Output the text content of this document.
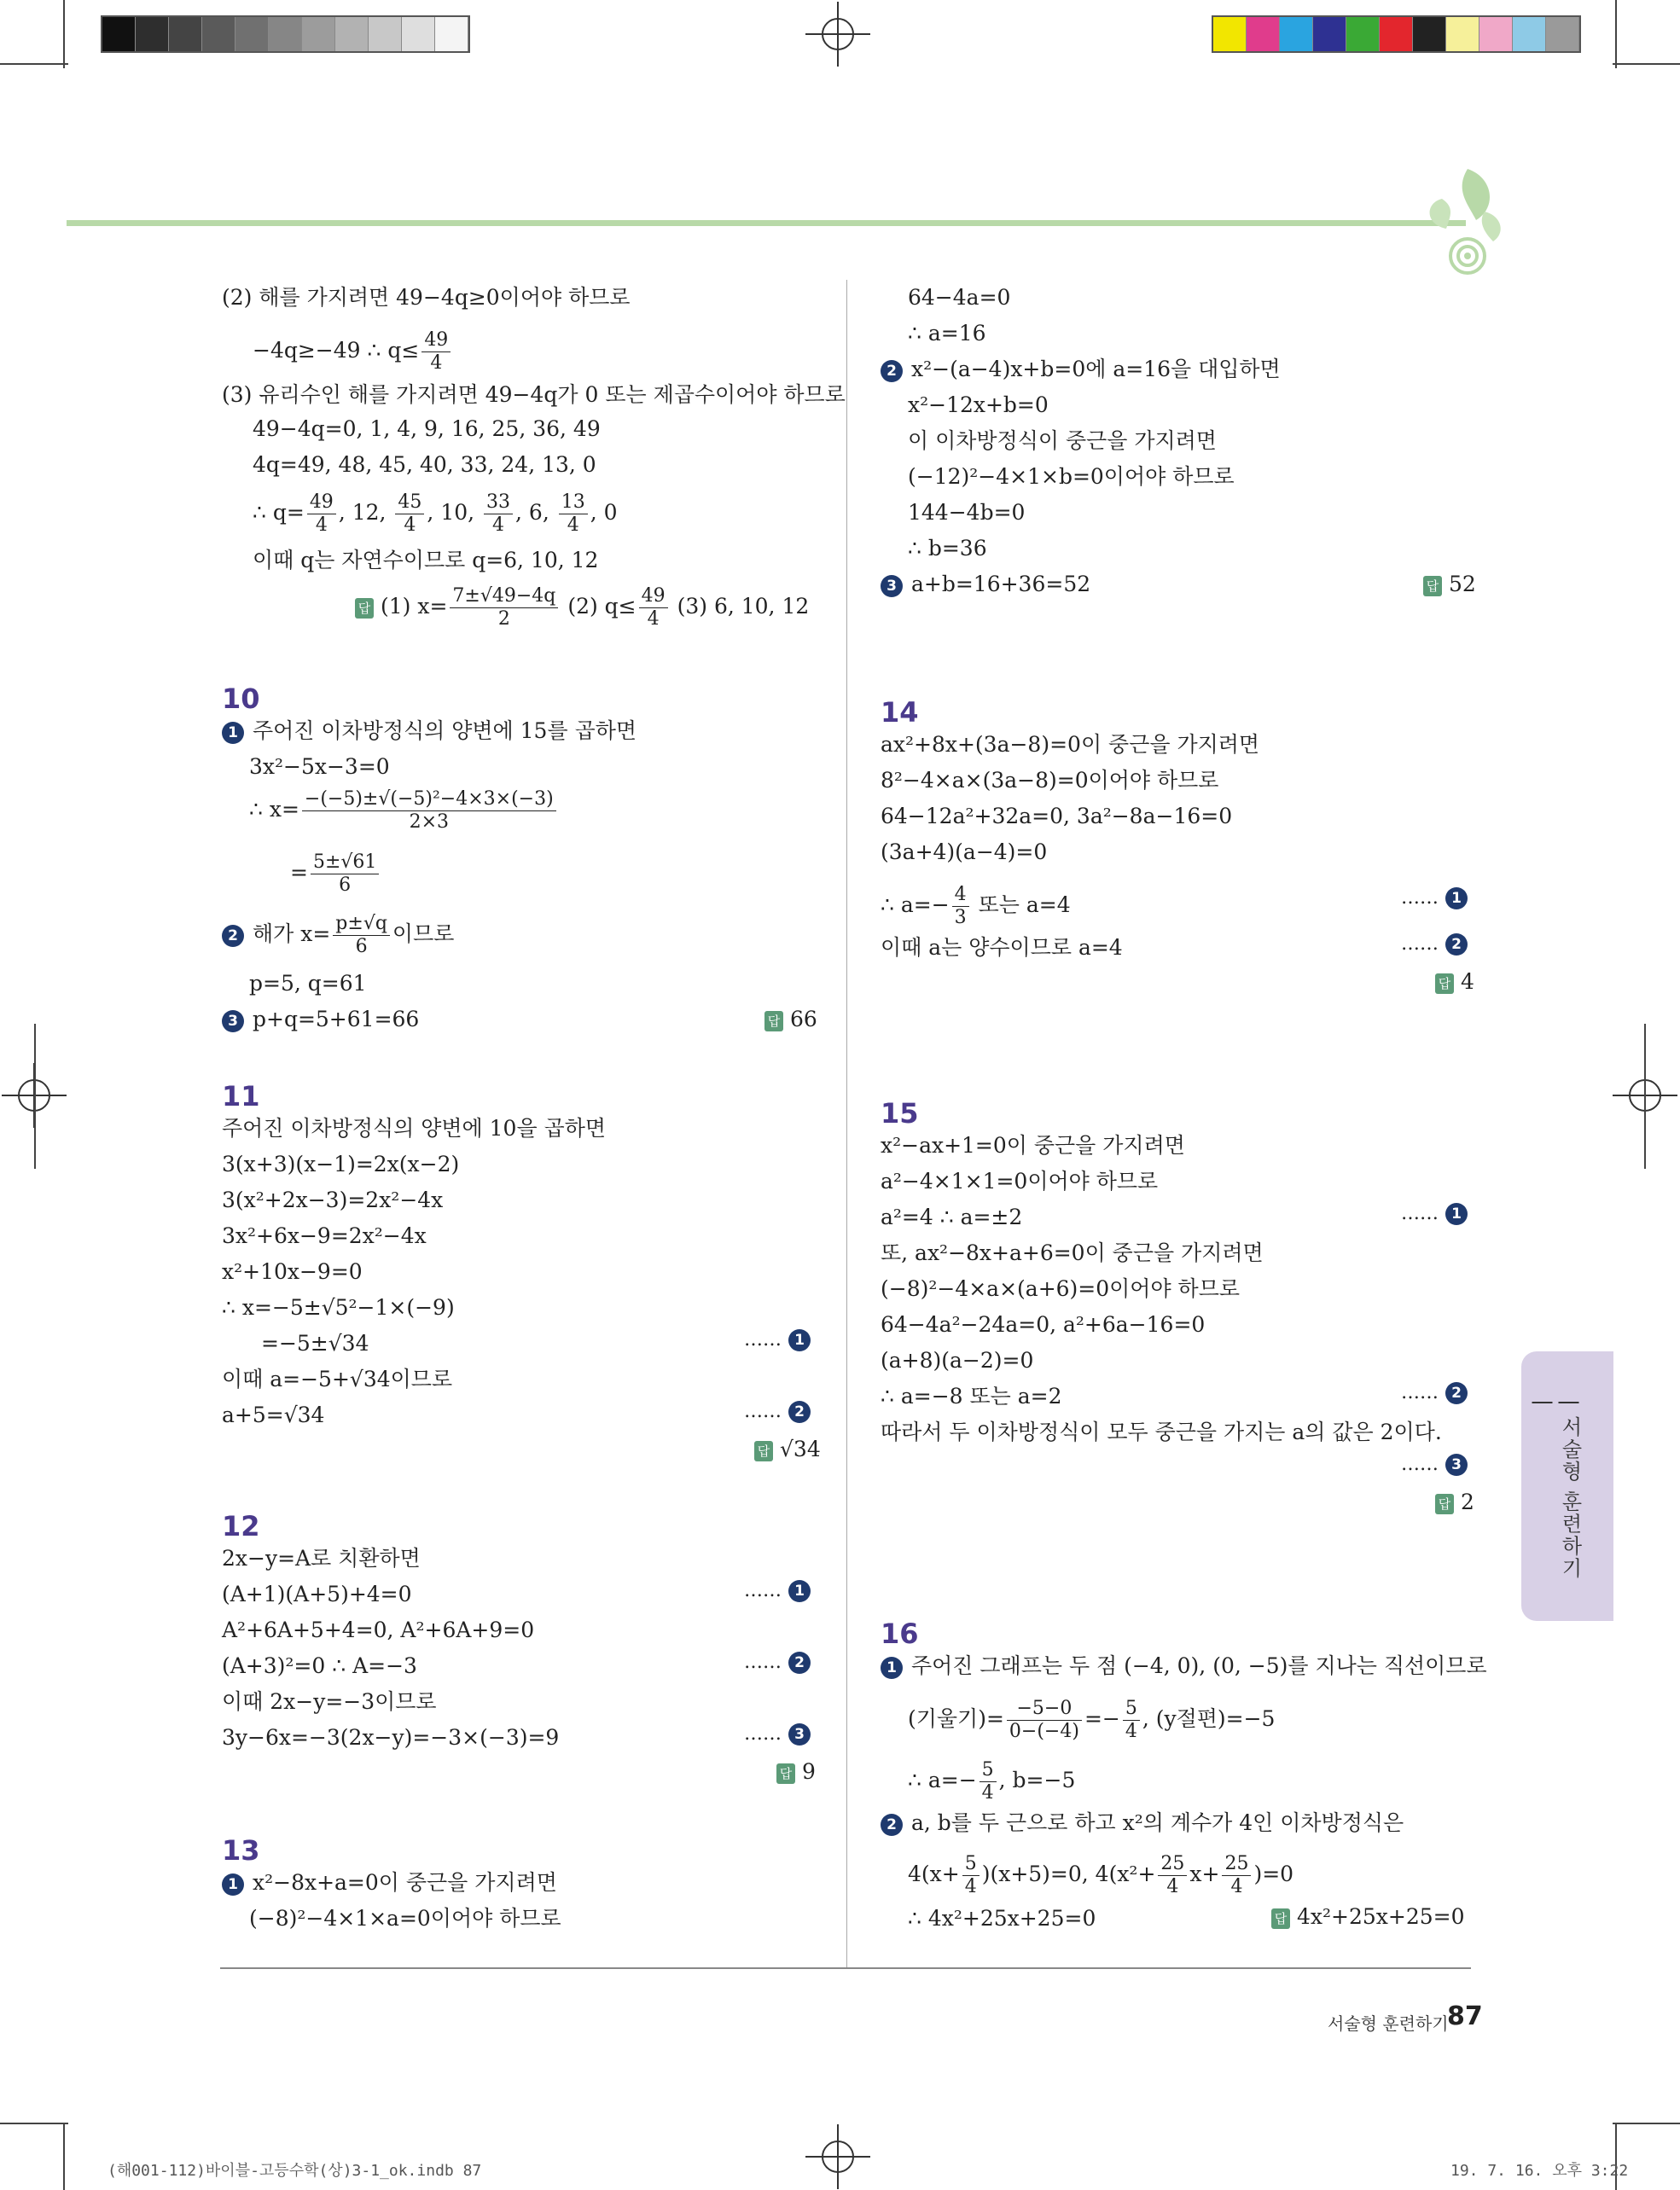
(2) 해를 가지려면 49−4q≥0이어야 하므로
−4q≥−49 ∴ $q\le \frac{49}{4}$
(3) 유리수인 해를 가지려면 49−4q가 0 또는 제곱수이어야 하므로
49−4q=0, 1, 4, 9, 16, 25, 36, 49
4q=49, 48, 45, 40, 33, 24, 13, 0
∴ $q= \frac{49}{4}$ , 12, $\frac{45}{4}$ , 10, $\frac{33}{4}$ , 6, $\frac{13}{4}$ , 0
이때 q는 자연수이므로 q=6, 10, 12
답 (1) $x= \frac{7\pm√49-4q}{2} (2)$ $q\le \frac{49}{4} (3)$ 6, 10, 12
10
1 주어진 이차방정식의 양변에 15를 곱하면
3x²−5x−3=0
∴ $x= \frac{\text{−(−5)±√(−5)²−4×3×(−3)}}{2\times 3}$
= $\frac{5\pm√61}{6}$
2 해가 $x= \frac{p\pm√q}{6}$ 이므로
p=5, q=61
3 p+q=5+61=66	답 66
11
주어진 이차방정식의 양변에 10을 곱하면
3(x+3)(x−1)=2x(x−2)
3(x²+2x−3)=2x²−4x
3x²+6x−9=2x²−4x
x²+10x−9=0
∴ x=−5±√5²−1×(−9)
=−5±√34	…… 1
이때 a=−5+√34이므로
a+5=√34	…… 2
답 √34
12
2x−y=A로 치환하면
(A+1)(A+5)+4=0	…… 1
A²+6A+5+4=0, A²+6A+9=0
(A+3)²=0 ∴ A=−3	…… 2
이때 2x−y=−3이므로
3y−6x=−3(2x−y)=−3×(−3)=9	…… 3
답 9
13
1 x²−8x+a=0이 중근을 가지려면
(−8)²−4×1×a=0이어야 하므로
64−4a=0
∴ a=16
2 x²−(a−4)x+b=0에 a=16을 대입하면
x²−12x+b=0
이 이차방정식이 중근을 가지려면
(−12)²−4×1×b=0이어야 하므로
144−4b=0
∴ b=36
3 a+b=16+36=52	답 52
14
ax²+8x+(3a−8)=0이 중근을 가지려면
8²−4×a×(3a−8)=0이어야 하므로
64−12a²+32a=0, 3a²−8a−16=0
(3a+4)(a−4)=0
∴ $a=- \frac{4}{3}$ 또는 a=4	…… 1
이때 a는 양수이므로 a=4	…… 2
답 4
15
x²−ax+1=0이 중근을 가지려면
a²−4×1×1=0이어야 하므로
a²=4 ∴ a=±2	…… 1
또, ax²−8x+a+6=0이 중근을 가지려면
(−8)²−4×a×(a+6)=0이어야 하므로
64−4a²−24a=0, a²+6a−16=0
(a+8)(a−2)=0
∴ a=−8 또는 a=2	…… 2
따라서 두 이차방정식이 모두 중근을 가지는 a의 값은 2이다.
…… 3
답 2
16
1 주어진 그래프는 두 점 (−4, 0), (0, −5)를 지나는 직선이므로
(기울기)= $\frac{-5-0}{0-(-4)} =- \frac{5}{4}$ , (y절편)=−5
∴ $a=- \frac{5}{4}$ , b=−5
2 a, b를 두 근으로 하고 x²의 계수가 4인 이차방정식은
$4(x+ \frac{5}{4} )(x+5)=0$, $4(x^2+ \frac{25}{4} x+ \frac{25}{4} )=0$
∴ 4x²+25x+25=0	답 4x²+25x+25=0
| 서술형 훈련하기 |
서술형 훈련하기
87
(해001-112)바이블-고등수학(상)3-1_ok.indb 87	19. 7. 16. 오후 3:22
